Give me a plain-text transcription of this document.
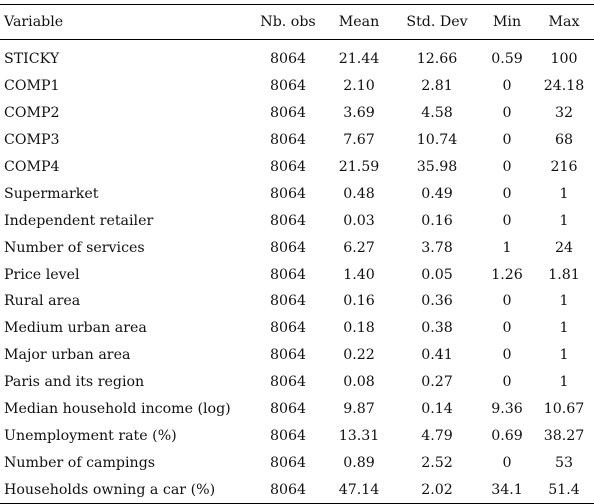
Variable	Nb. obs	Mean	Std. Dev	Min	Max
STICKY	8064	21.44	12.66	0.59	100
COMP1	8064	2.10	2.81	0	24.18
COMP2	8064	3.69	4.58	0	32
COMP3	8064	7.67	10.74	0	68
COMP4	8064	21.59	35.98	0	216
Supermarket	8064	0.48	0.49	0	1
Independent retailer	8064	0.03	0.16	0	1
Number of services	8064	6.27	3.78	1	24
Price level	8064	1.40	0.05	1.26	1.81
Rural area	8064	0.16	0.36	0	1
Medium urban area	8064	0.18	0.38	0	1
Major urban area	8064	0.22	0.41	0	1
Paris and its region	8064	0.08	0.27	0	1
Median household income (log)	8064	9.87	0.14	9.36	10.67
Unemployment rate (%)	8064	13.31	4.79	0.69	38.27
Number of campings	8064	0.89	2.52	0	53
Households owning a car (%)	8064	47.14	2.02	34.1	51.4
